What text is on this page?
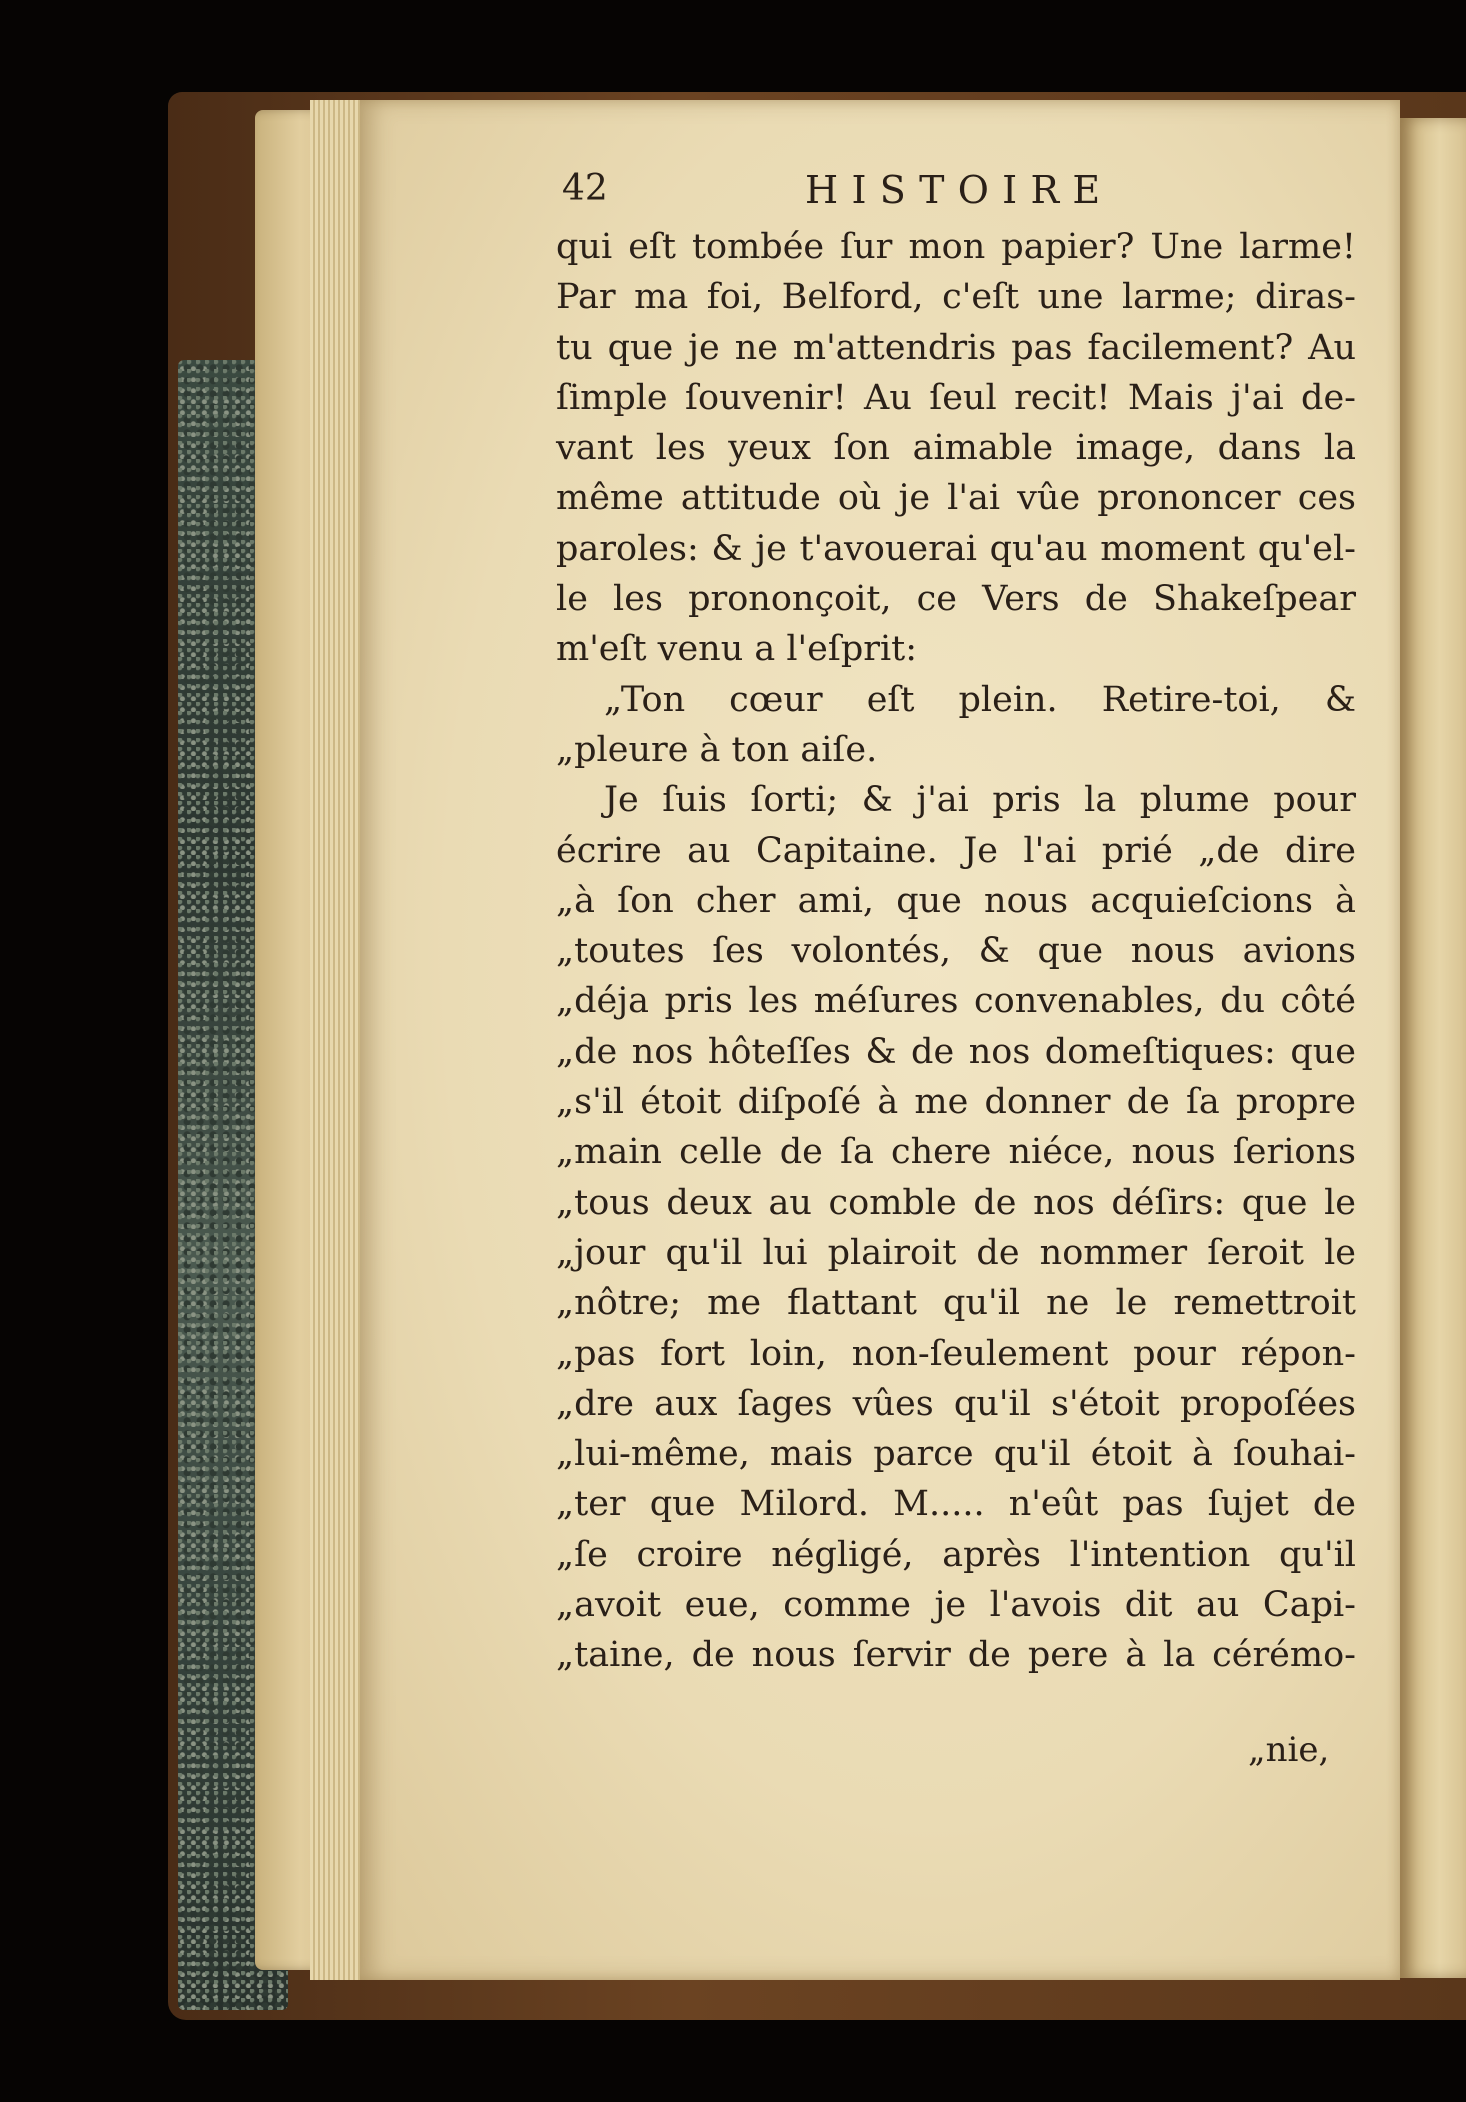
42	HISTOIRE
qui eſt tombée ſur mon papier? Une larme!
Par ma foi, Belford, c'eſt une larme; diras-
tu que je ne m'attendris pas facilement? Au
ſimple ſouvenir! Au ſeul recit! Mais j'ai de-
vant les yeux ſon aimable image, dans la
même attitude où je l'ai vûe prononcer ces
paroles: & je t'avouerai qu'au moment qu'el-
le les prononçoit, ce Vers de Shakeſpear
m'eſt venu a l'eſprit:
„Ton cœur eſt plein. Retire-toi, &
„pleure à ton aiſe.
Je ſuis ſorti; & j'ai pris la plume pour
écrire au Capitaine. Je l'ai prié „de dire
„à ſon cher ami, que nous acquieſcions à
„toutes ſes volontés, & que nous avions
„déja pris les méſures convenables, du côté
„de nos hôteſſes & de nos domeſtiques: que
„s'il étoit diſpoſé à me donner de ſa propre
„main celle de ſa chere niéce, nous ſerions
„tous deux au comble de nos déſirs: que le
„jour qu'il lui plairoit de nommer ſeroit le
„nôtre; me flattant qu'il ne le remettroit
„pas fort loin, non-ſeulement pour répon-
„dre aux ſages vûes qu'il s'étoit propoſées
„lui-même, mais parce qu'il étoit à ſouhai-
„ter que Milord. M..... n'eût pas ſujet de
„ſe croire négligé, après l'intention qu'il
„avoit eue, comme je l'avois dit au Capi-
„taine, de nous ſervir de pere à la cérémo-
„nie,
